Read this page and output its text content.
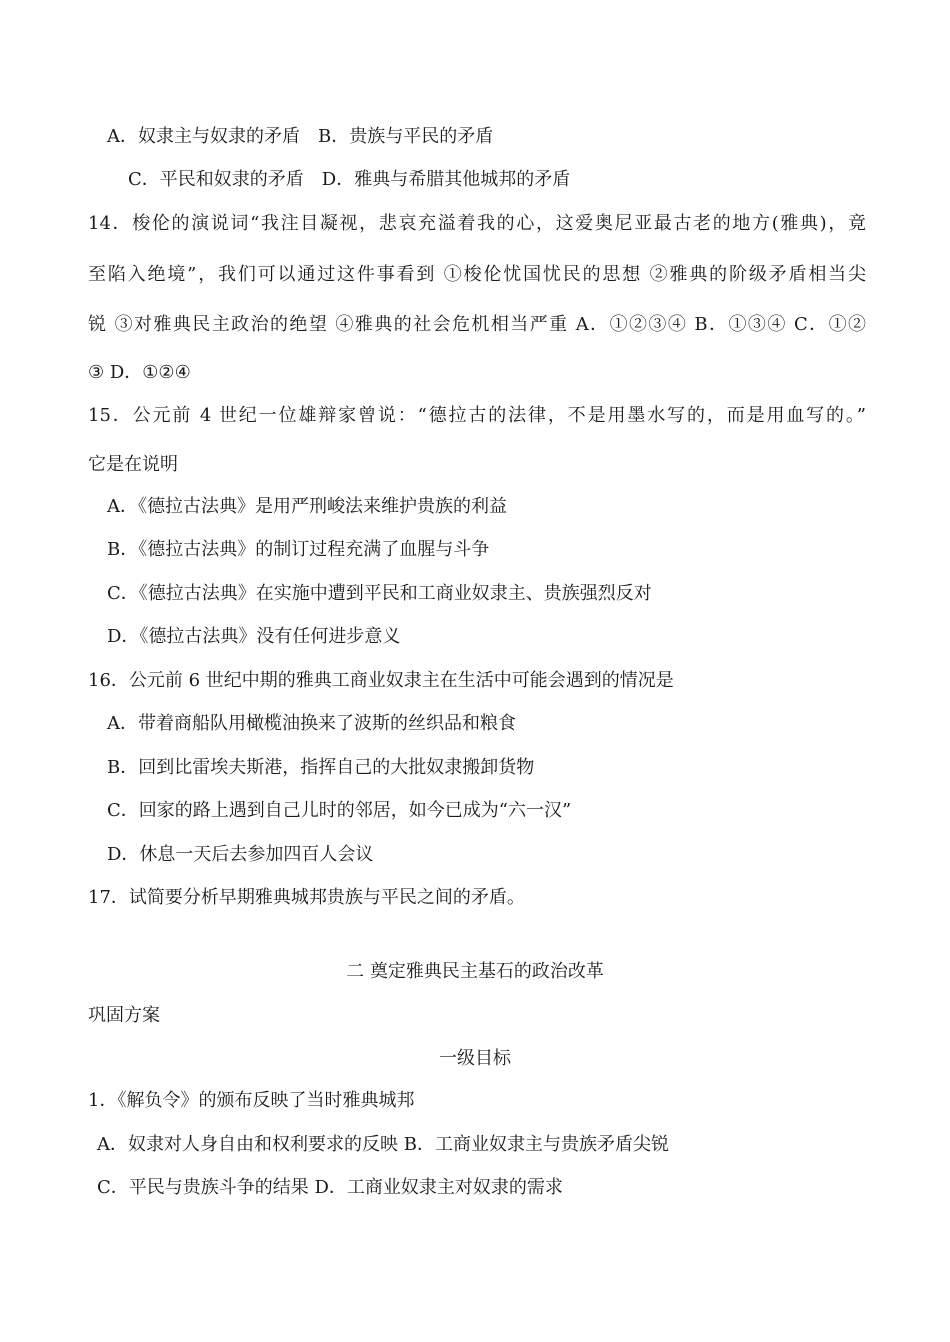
A．奴隶主与奴隶的矛盾　B．贵族与平民的矛盾
C．平民和奴隶的矛盾　D．雅典与希腊其他城邦的矛盾
14．梭伦的演说词“我注目凝视，悲哀充溢着我的心，这爱奥尼亚最古老的地方(雅典)，竟
至陷入绝境”，我们可以通过这件事看到 ①梭伦忧国忧民的思想 ②雅典的阶级矛盾相当尖
锐 ③对雅典民主政治的绝望 ④雅典的社会危机相当严重 A．①②③④ B．①③④ C．①②
③ D．①②④
15．公元前 4 世纪一位雄辩家曾说：“德拉古的法律，不是用墨水写的，而是用血写的。”
它是在说明
A．《德拉古法典》是用严刑峻法来维护贵族的利益
B．《德拉古法典》的制订过程充满了血腥与斗争
C．《德拉古法典》在实施中遭到平民和工商业奴隶主、贵族强烈反对
D．《德拉古法典》没有任何进步意义
16．公元前 6 世纪中期的雅典工商业奴隶主在生活中可能会遇到的情况是
A．带着商船队用橄榄油换来了波斯的丝织品和粮食
B．回到比雷埃夫斯港，指挥自己的大批奴隶搬卸货物
C．回家的路上遇到自己儿时的邻居，如今已成为“六一汉”
D．休息一天后去参加四百人会议
17．试简要分析早期雅典城邦贵族与平民之间的矛盾。
二 奠定雅典民主基石的政治改革
巩固方案
一级目标
1．《解负令》的颁布反映了当时雅典城邦
A．奴隶对人身自由和权利要求的反映 B．工商业奴隶主与贵族矛盾尖锐
C．平民与贵族斗争的结果 D．工商业奴隶主对奴隶的需求
